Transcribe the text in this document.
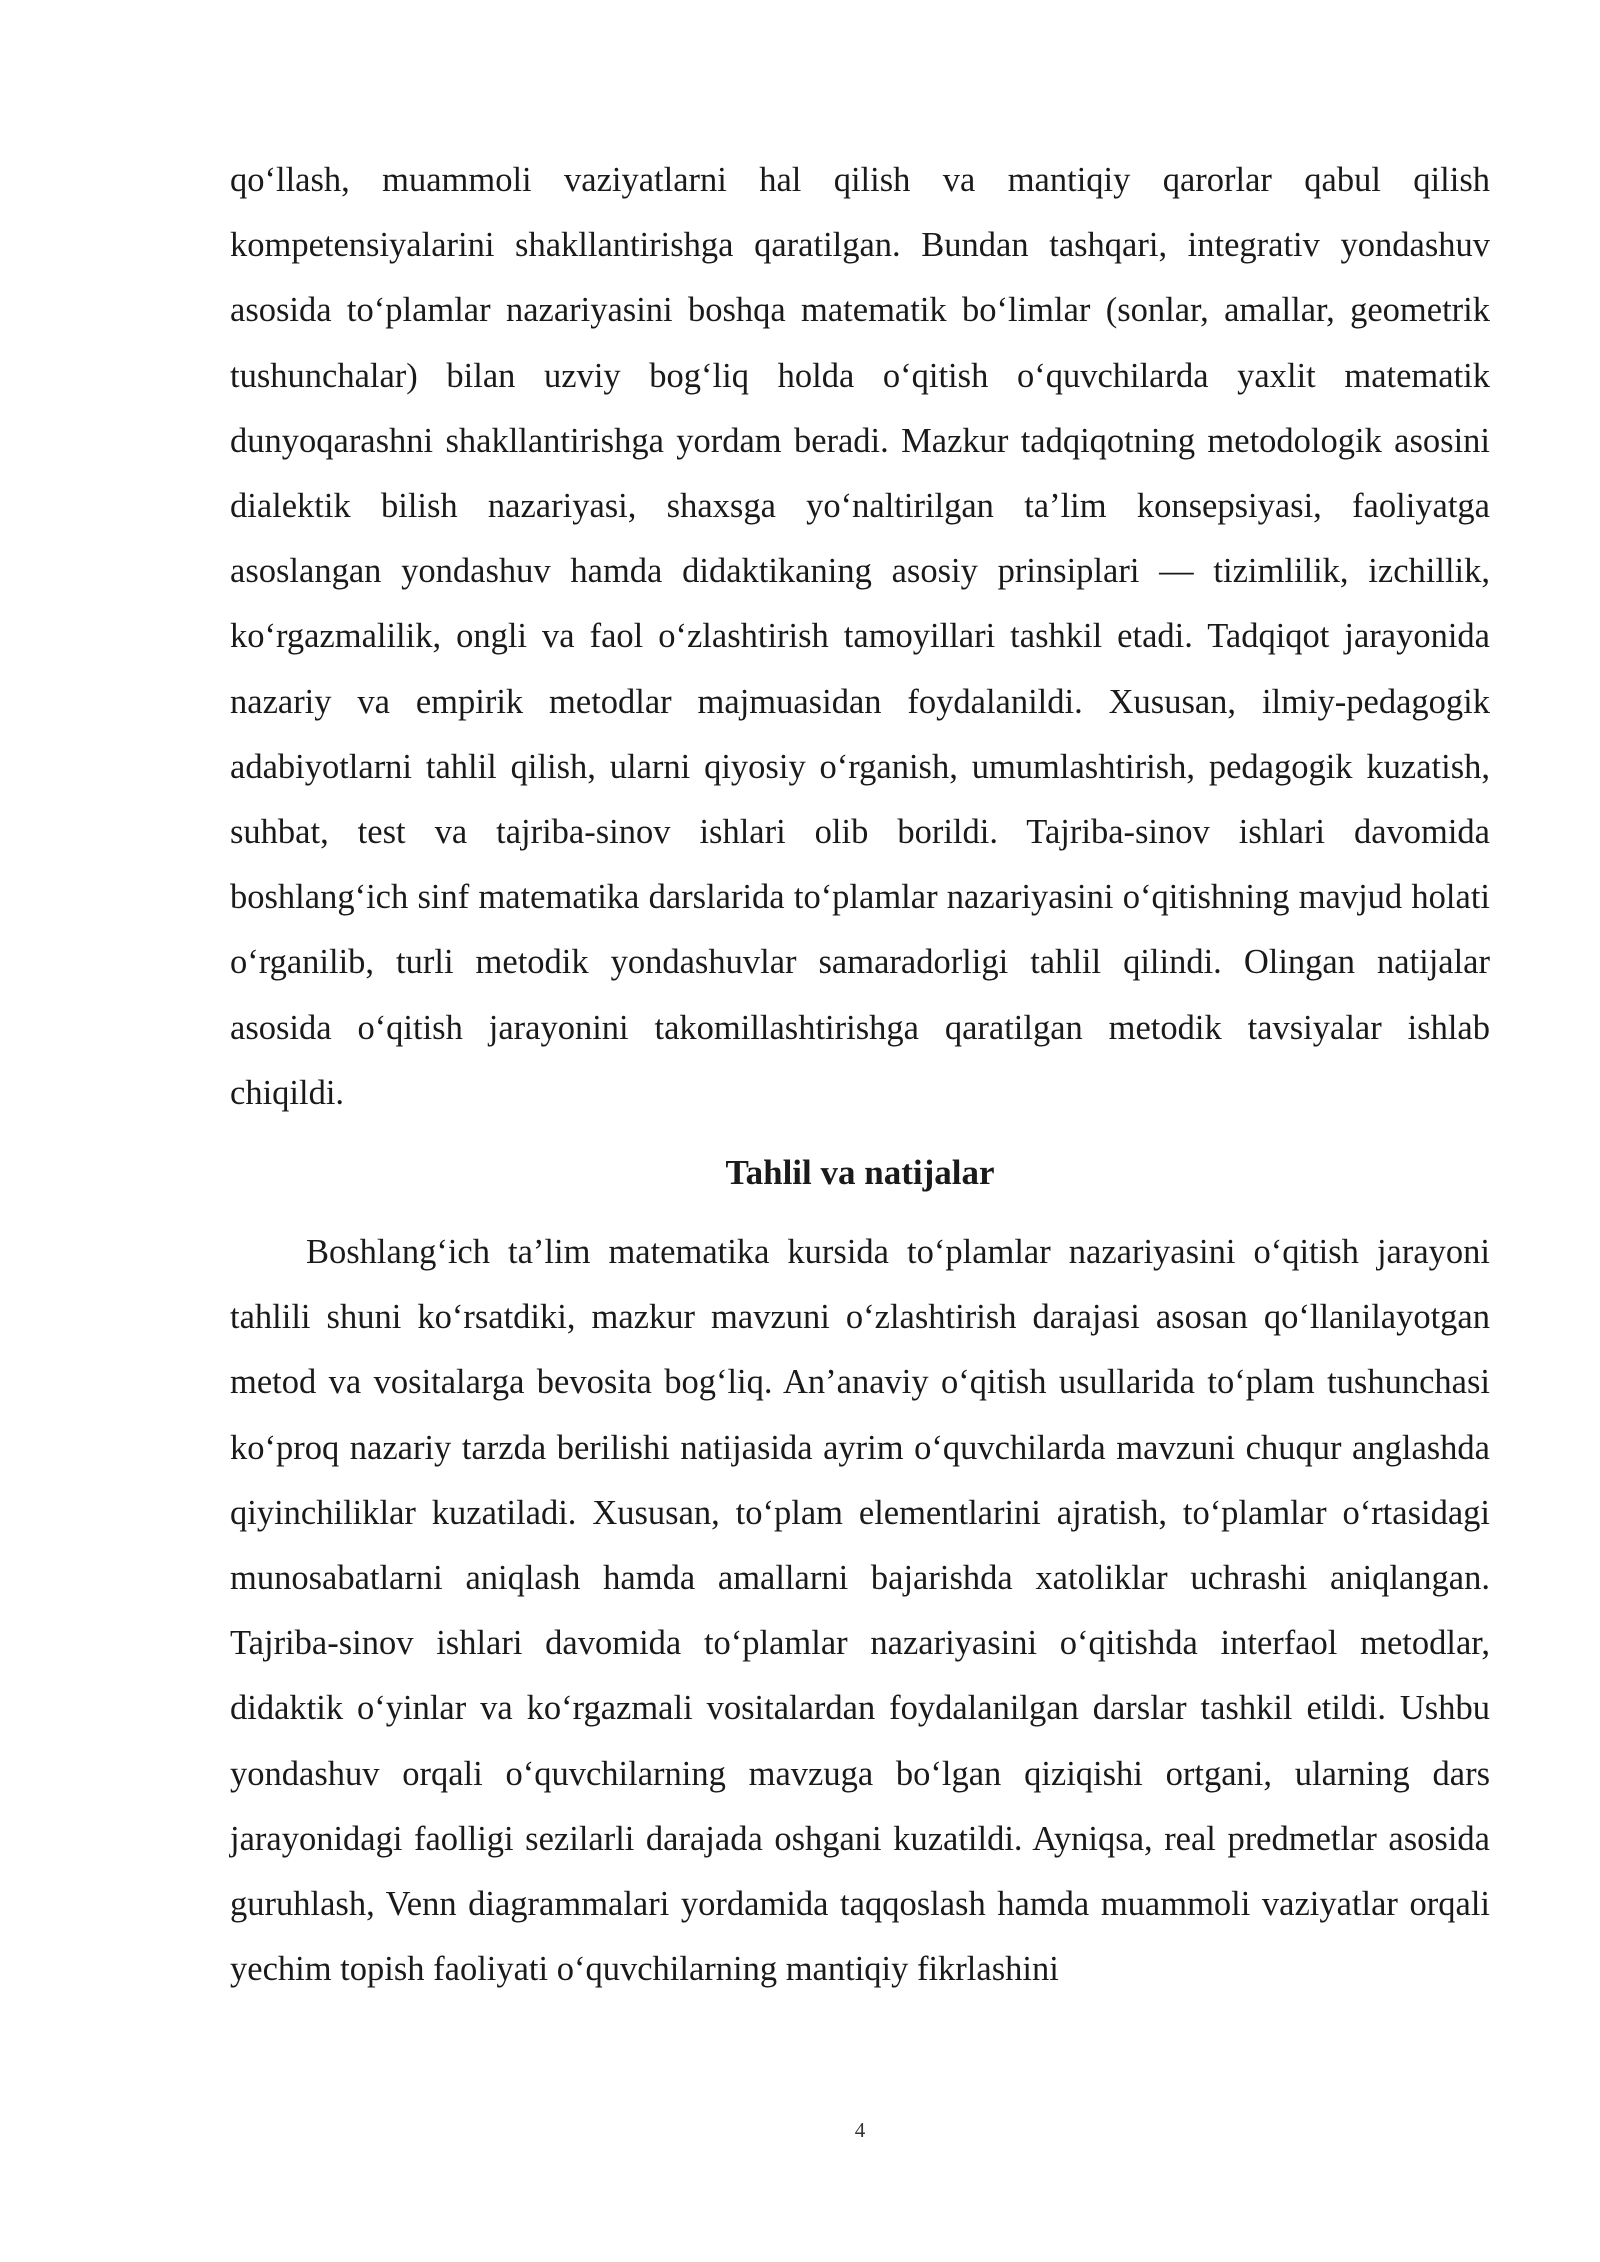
qo‘llash, muammoli vaziyatlarni hal qilish va mantiqiy qarorlar qabul qilish kompetensiyalarini shakllantirishga qaratilgan. Bundan tashqari, integrativ yondashuv asosida to‘plamlar nazariyasini boshqa matematik bo‘limlar (sonlar, amallar, geometrik tushunchalar) bilan uzviy bog‘liq holda o‘qitish o‘quvchilarda yaxlit matematik dunyoqarashni shakllantirishga yordam beradi. Mazkur tadqiqotning metodologik asosini dialektik bilish nazariyasi, shaxsga yo‘naltirilgan ta’lim konsepsiyasi, faoliyatga asoslangan yondashuv hamda didaktikaning asosiy prinsiplari — tizimlilik, izchillik, ko‘rgazmalilik, ongli va faol o‘zlashtirish tamoyillari tashkil etadi. Tadqiqot jarayonida nazariy va empirik metodlar majmuasidan foydalanildi. Xususan, ilmiy-pedagogik adabiyotlarni tahlil qilish, ularni qiyosiy o‘rganish, umumlashtirish, pedagogik kuzatish, suhbat, test va tajriba-sinov ishlari olib borildi. Tajriba-sinov ishlari davomida boshlang‘ich sinf matematika darslarida to‘plamlar nazariyasini o‘qitishning mavjud holati o‘rganilib, turli metodik yondashuvlar samaradorligi tahlil qilindi. Olingan natijalar asosida o‘qitish jarayonini takomillashtirishga qaratilgan metodik tavsiyalar ishlab chiqildi.

Tahlil va natijalar

Boshlang‘ich ta’lim matematika kursida to‘plamlar nazariyasini o‘qitish jarayoni tahlili shuni ko‘rsatdiki, mazkur mavzuni o‘zlashtirish darajasi asosan qo‘llanilayotgan metod va vositalarga bevosita bog‘liq. An’anaviy o‘qitish usullarida to‘plam tushunchasi ko‘proq nazariy tarzda berilishi natijasida ayrim o‘quvchilarda mavzuni chuqur anglashda qiyinchiliklar kuzatiladi. Xususan, to‘plam elementlarini ajratish, to‘plamlar o‘rtasidagi munosabatlarni aniqlash hamda amallarni bajarishda xatoliklar uchrashi aniqlangan. Tajriba-sinov ishlari davomida to‘plamlar nazariyasini o‘qitishda interfaol metodlar, didaktik o‘yinlar va ko‘rgazmali vositalardan foydalanilgan darslar tashkil etildi. Ushbu yondashuv orqali o‘quvchilarning mavzuga bo‘lgan qiziqishi ortgani, ularning dars jarayonidagi faolligi sezilarli darajada oshgani kuzatildi. Ayniqsa, real predmetlar asosida guruhlash, Venn diagrammalari yordamida taqqoslash hamda muammoli vaziyatlar orqali yechim topish faoliyati o‘quvchilarning mantiqiy fikrlashini

4
